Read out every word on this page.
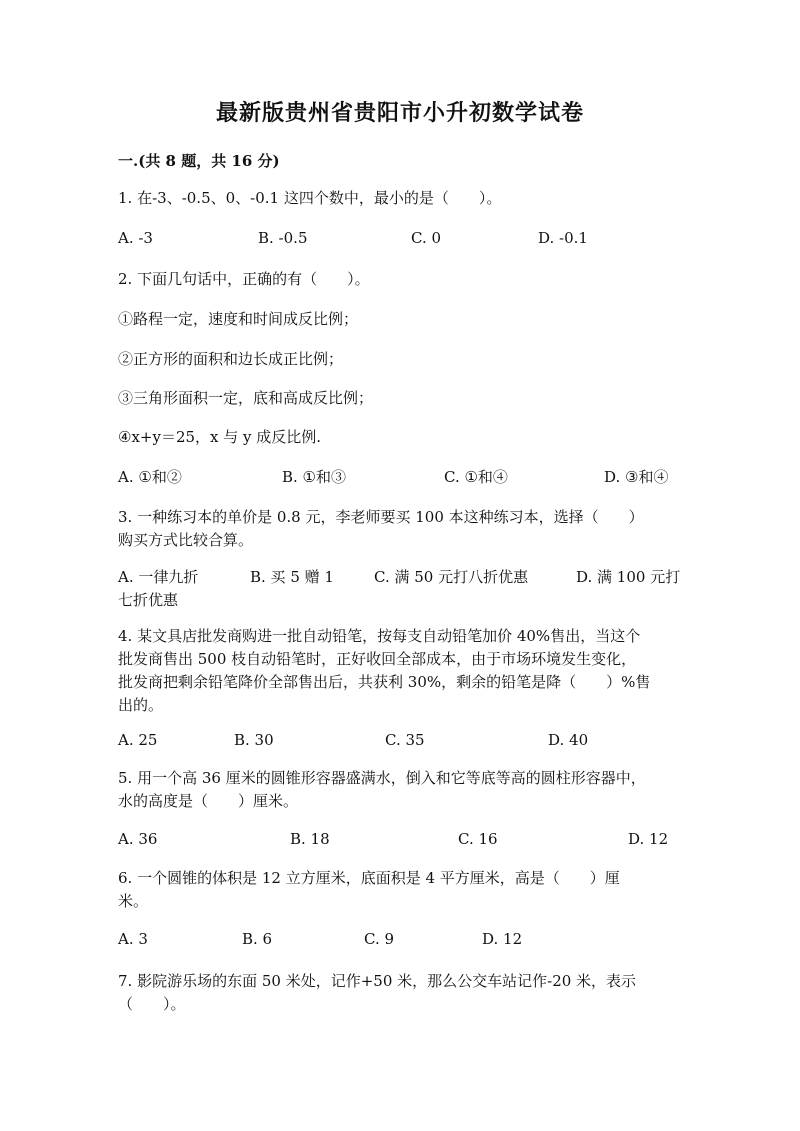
最新版贵州省贵阳市小升初数学试卷
一.(共 8 题，共 16 分)
1. 在-3、-0.5、0、-0.1 这四个数中，最小的是（　　）。
A. -3	B. -0.5	C. 0	D. -0.1
2. 下面几句话中，正确的有（　　）。
①路程一定，速度和时间成反比例；
②正方形的面积和边长成正比例；
③三角形面积一定，底和高成反比例；
④x+y＝25，x 与 y 成反比例.
A. ①和②	B. ①和③	C. ①和④	D. ③和④
3. 一种练习本的单价是 0.8 元，李老师要买 100 本这种练习本，选择（　　）
购买方式比较合算。
A. 一律九折	B. 买 5 赠 1	C. 满 50 元打八折优惠	D. 满 100 元打
七折优惠
4. 某文具店批发商购进一批自动铅笔，按每支自动铅笔加价 40%售出，当这个
批发商售出 500 枝自动铅笔时，正好收回全部成本，由于市场环境发生变化，
批发商把剩余铅笔降价全部售出后，共获利 30%，剩余的铅笔是降（　　）%售
出的。
A. 25	B. 30	C. 35	D. 40
5. 用一个高 36 厘米的圆锥形容器盛满水，倒入和它等底等高的圆柱形容器中，
水的高度是（　　）厘米。
A. 36	B. 18	C. 16	D. 12
6. 一个圆锥的体积是 12 立方厘米，底面积是 4 平方厘米，高是（　　）厘
米。
A. 3	B. 6	C. 9	D. 12
7. 影院游乐场的东面 50 米处，记作+50 米，那么公交车站记作-20 米，表示
（　　）。
